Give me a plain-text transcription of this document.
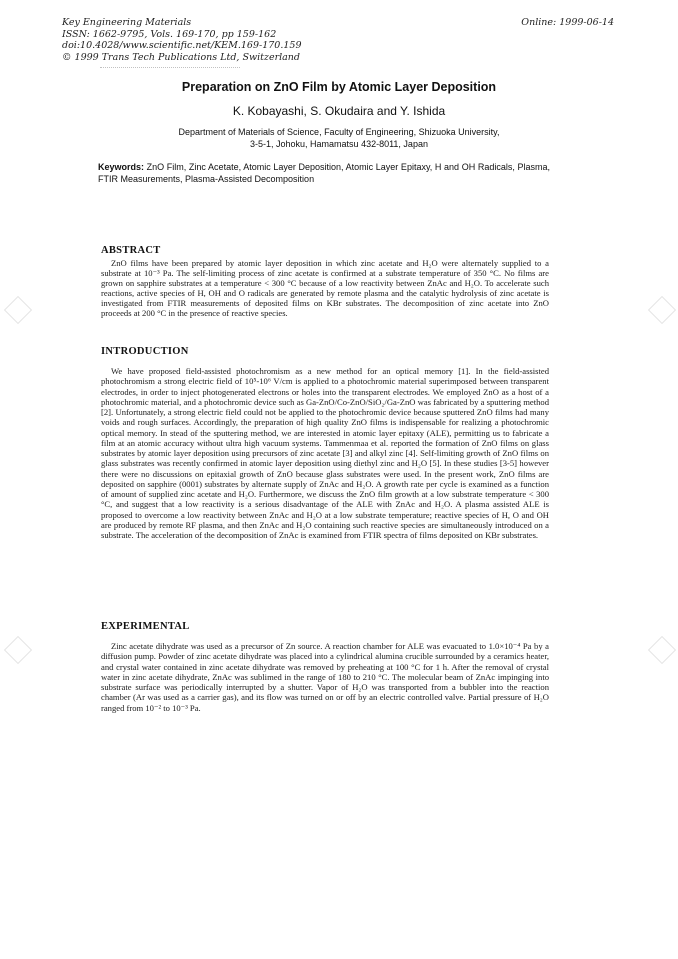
Key Engineering Materials
ISSN: 1662-9795, Vols. 169-170, pp 159-162
doi:10.4028/www.scientific.net/KEM.169-170.159
© 1999 Trans Tech Publications Ltd, Switzerland
Online: 1999-06-14
Preparation on ZnO Film by Atomic Layer Deposition
K. Kobayashi, S. Okudaira and Y. Ishida
Department of Materials of Science, Faculty of Engineering, Shizuoka University,
3-5-1, Johoku, Hamamatsu 432-8011, Japan
Keywords: ZnO Film, Zinc Acetate, Atomic Layer Deposition, Atomic Layer Epitaxy, H and OH Radicals, Plasma, FTIR Measurements, Plasma-Assisted Decomposition
ABSTRACT

ZnO films have been prepared by atomic layer deposition in which zinc acetate and H₂O were alternately supplied to a substrate at 10⁻³ Pa. The self-limiting process of zinc acetate is confirmed at a substrate temperature of 350 °C. No films are grown on sapphire substrates at a temperature < 300 °C because of a low reactivity between ZnAc and H₂O. To accelerate such reactions, active species of H, OH and O radicals are generated by remote plasma and the catalytic hydrolysis of zinc acetate is investigated from FTIR measurements of deposited films on KBr substrates. The decomposition of zinc acetate into ZnO proceeds at 200 °C in the presence of reactive species.

INTRODUCTION

We have proposed field-assisted photochromism as a new method for an optical memory [1]. In the field-assisted photochromism a strong electric field of 10⁵-10⁶ V/cm is applied to a photochromic material superimposed between transparent electrodes, in order to inject photogenerated electrons or holes into the transparent electrodes. We employed ZnO as a host of a photochromic material, and a photochromic device such as Ga-ZnO/Co-ZnO/SiO₂/Ga-ZnO was fabricated by a sputtering method [2]. Unfortunately, a strong electric field could not be applied to the photochromic device because sputtered ZnO films had many voids and rough surfaces. Accordingly, the preparation of high quality ZnO films is indispensable for realizing a photochromic optical memory. In stead of the sputtering method, we are interested in atomic layer epitaxy (ALE), permitting us to fabricate a film at an atomic accuracy without ultra high vacuum systems. Tammenmaa et al. reported the formation of ZnO films on glass substrates by atomic layer deposition using precursors of zinc acetate [3] and alkyl zinc [4]. Self-limiting growth of ZnO films on glass substrates was recently confirmed in atomic layer deposition using diethyl zinc and H₂O [5]. In these studies [3-5] however there were no discussions on epitaxial growth of ZnO because glass substrates were used. In the present work, ZnO films are deposited on sapphire (0001) substrates by alternate supply of ZnAc and H₂O. A growth rate per cycle is examined as a function of amount of supplied zinc acetate and H₂O. Furthermore, we discuss the ZnO film growth at a low substrate temperature < 300 °C, and suggest that a low reactivity is a serious disadvantage of the ALE with ZnAc and H₂O. A plasma assisted ALE is proposed to overcome a low reactivity between ZnAc and H₂O at a low substrate temperature; reactive species of H, O and OH are produced by remote RF plasma, and then ZnAc and H₂O containing such reactive species are simultaneously introduced on a substrate. The acceleration of the decomposition of ZnAc is examined from FTIR spectra of films deposited on KBr substrates.

EXPERIMENTAL

Zinc acetate dihydrate was used as a precursor of Zn source. A reaction chamber for ALE was evacuated to 1.0×10⁻⁴ Pa by a diffusion pump. Powder of zinc acetate dihydrate was placed into a cylindrical alumina crucible surrounded by a ceramics heater, and crystal water contained in zinc acetate dihydrate was removed by preheating at 100 °C for 1 h. After the removal of crystal water in zinc acetate dihydrate, ZnAc was sublimed in the range of 180 to 210 °C. The molecular beam of ZnAc impinging into substrate surface was periodically interrupted by a shutter. Vapor of H₂O was transported from a bubbler into the reaction chamber (Ar was used as a carrier gas), and its flow was turned on or off by an electric controlled valve. Partial pressure of H₂O ranged from 10⁻² to 10⁻³ Pa.
